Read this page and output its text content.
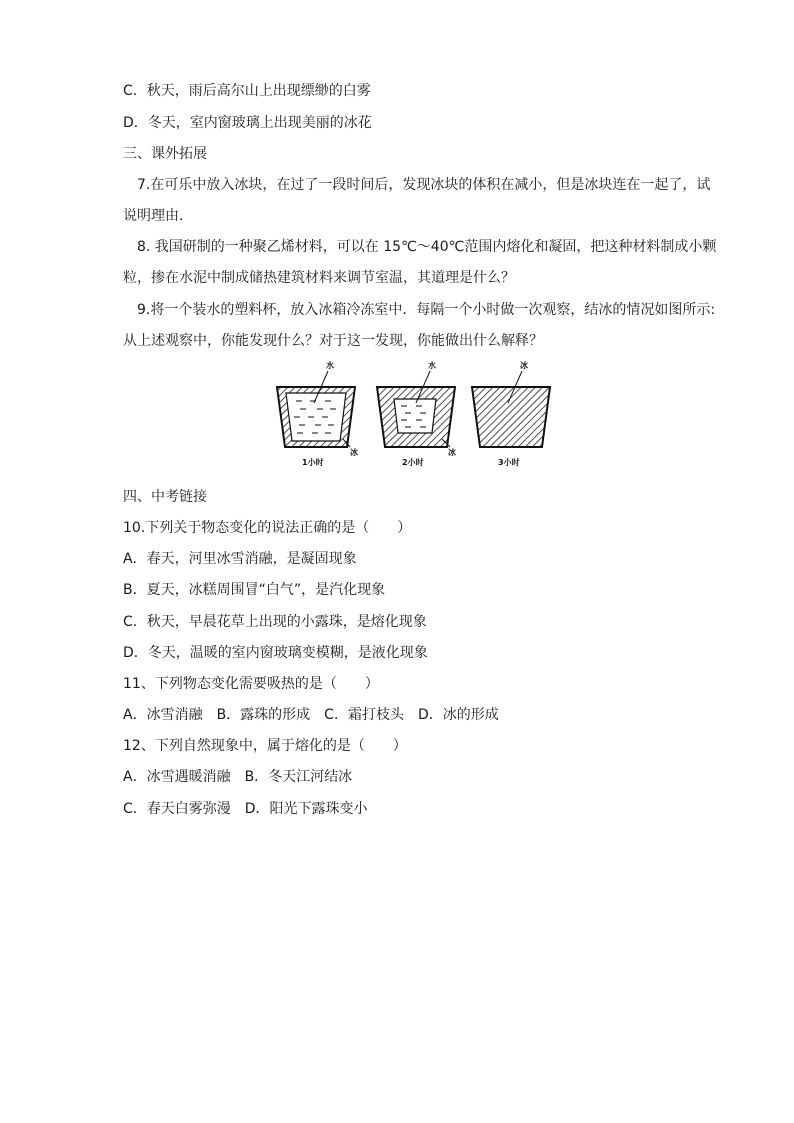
C．秋天，雨后高尔山上出现缥缈的白雾
D．冬天，室内窗玻璃上出现美丽的冰花
三、课外拓展
7.在可乐中放入冰块，在过了一段时间后，发现冰块的体积在减小，但是冰块连在一起了，试
说明理由．
8. 我国研制的一种聚乙烯材料，可以在 15℃～40℃范围内熔化和凝固，把这种材料制成小颗
粒，掺在水泥中制成储热建筑材料来调节室温，其道理是什么？
9.将一个装水的塑料杯，放入冰箱冷冻室中．每隔一个小时做一次观察，结冰的情况如图所示:
从上述观察中，你能发现什么？对于这一发现，你能做出什么解释？
水
冰
1小时
水
冰
2小时
冰
3小时
四、中考链接
10.下列关于物态变化的说法正确的是（　　）
A．春天，河里冰雪消融，是凝固现象
B．夏天，冰糕周围冒“白气”，是汽化现象
C．秋天，早晨花草上出现的小露珠，是熔化现象
D．冬天，温暖的室内窗玻璃变模糊，是液化现象
11、下列物态变化需要吸热的是（　　）
A．冰雪消融　B．露珠的形成　C．霜打枝头　D．冰的形成
12、下列自然现象中，属于熔化的是（　　）
A．冰雪遇暖消融　B．冬天江河结冰
C．春天白雾弥漫　D．阳光下露珠变小
